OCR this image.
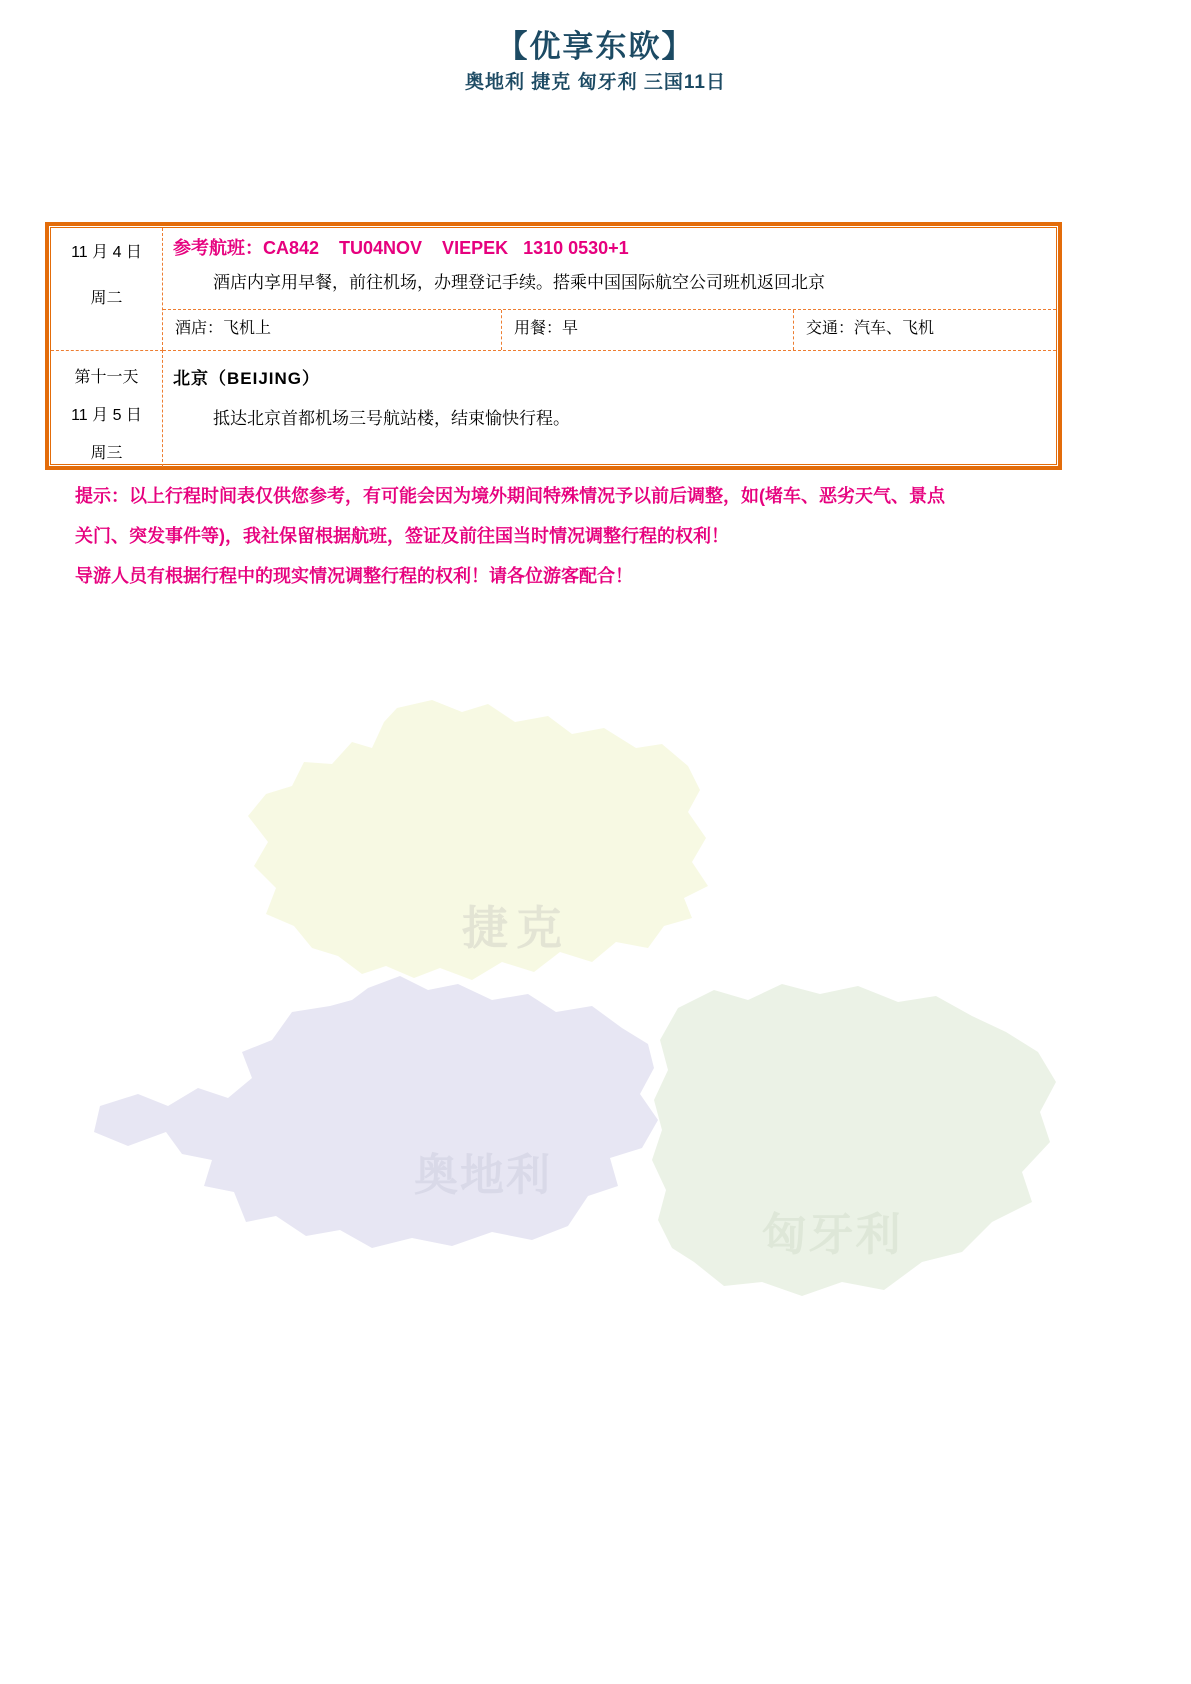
捷克
奥地利
匈牙利
【优享东欧】
奥地利 捷克 匈牙利 三国11日
11 月 4 日
周二
参考航班：CA842    TU04NOV    VIEPEK   1310 0530+1
酒店内享用早餐，前往机场，办理登记手续。搭乘中国国际航空公司班机返回北京
酒店：飞机上	用餐：早	交通：汽车、飞机
第十一天
11 月 5 日
周三
北京（BEIJING）
抵达北京首都机场三号航站楼，结束愉快行程。
提示：以上行程时间表仅供您参考，有可能会因为境外期间特殊情况予以前后调整，如(堵车、恶劣天气、景点
关门、突发事件等)，我社保留根据航班，签证及前往国当时情况调整行程的权利！
导游人员有根据行程中的现实情况调整行程的权利！请各位游客配合！
